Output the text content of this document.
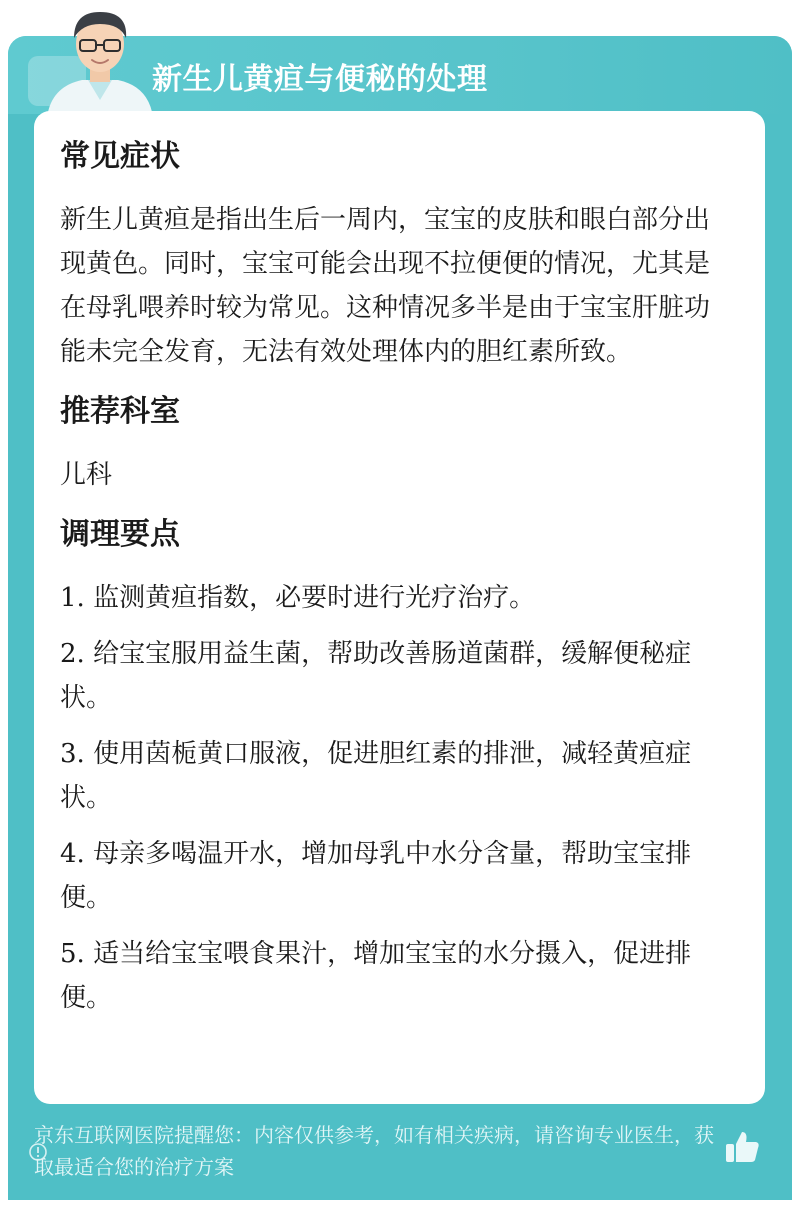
新生儿黄疸与便秘的处理
常见症状

新生儿黄疸是指出生后一周内，宝宝的皮肤和眼白部分出现黄色。同时，宝宝可能会出现不拉便便的情况，尤其是在母乳喂养时较为常见。这种情况多半是由于宝宝肝脏功能未完全发育，无法有效处理体内的胆红素所致。

推荐科室

儿科

调理要点

1. 监测黄疸指数，必要时进行光疗治疗。

2. 给宝宝服用益生菌，帮助改善肠道菌群，缓解便秘症状。

3. 使用茵栀黄口服液，促进胆红素的排泄，减轻黄疸症状。

4. 母亲多喝温开水，增加母乳中水分含量，帮助宝宝排便。

5. 适当给宝宝喂食果汁，增加宝宝的水分摄入，促进排便。

京东互联网医院提醒您：内容仅供参考，如有相关疾病，请咨询专业医生，获取最适合您的治疗方案
